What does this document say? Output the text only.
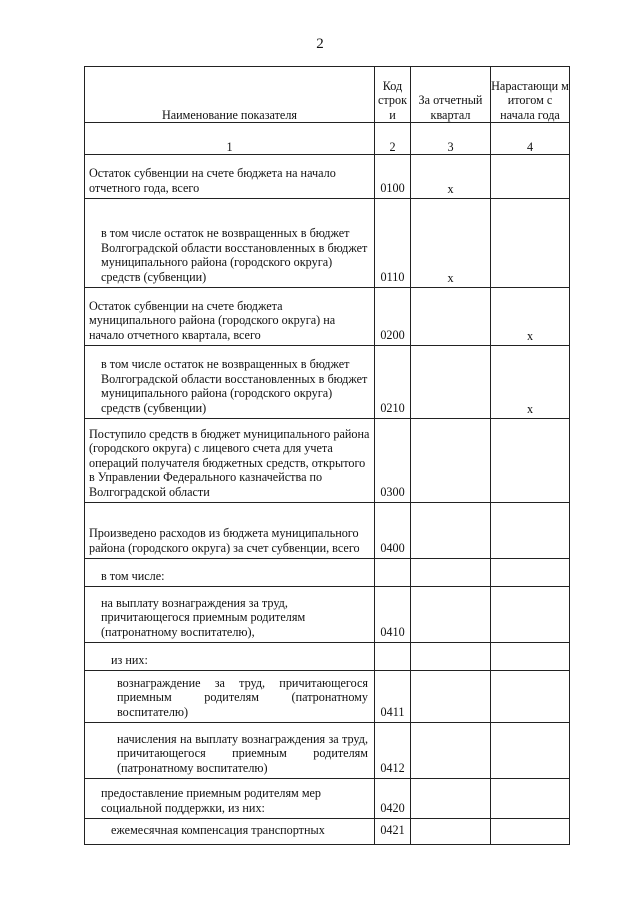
2
Наименование показателя	Код строк и	За отчетный квартал	Нарастающи м итогом с начала года
1	2	3	4
Остаток субвенции на счете бюджета на начало отчетного года, всего	0100	х	
в том числе остаток не возвращенных в бюджет Волгоградской области восстановленных в бюджет муниципального района (городского округа) средств (субвенции)	0110	х	
Остаток субвенции на счете бюджета муниципального района (городского округа) на начало отчетного квартала, всего	0200		х
в том числе остаток не возвращенных в бюджет Волгоградской области восстановленных в бюджет муниципального района (городского округа) средств (субвенции)	0210		х
Поступило средств в бюджет муниципального района (городского округа) с лицевого счета для учета операций получателя бюджетных средств, открытого в Управлении Федерального казначейства по Волгоградской области	0300		
Произведено расходов из бюджета муниципального района (городского округа) за счет субвенции, всего	0400		
в том числе:			
на выплату вознаграждения за труд, причитающегося приемным родителям (патронатному воспитателю),	0410		
из них:			
вознаграждение за труд, причитающегося приемным родителям (патронатному воспитателю)	0411		
начисления на выплату вознаграждения за труд, причитающегося приемным родителям (патронатному воспитателю)	0412		
предоставление приемным родителям мер социальной поддержки, из них:	0420		
ежемесячная компенсация транспортных	0421		
